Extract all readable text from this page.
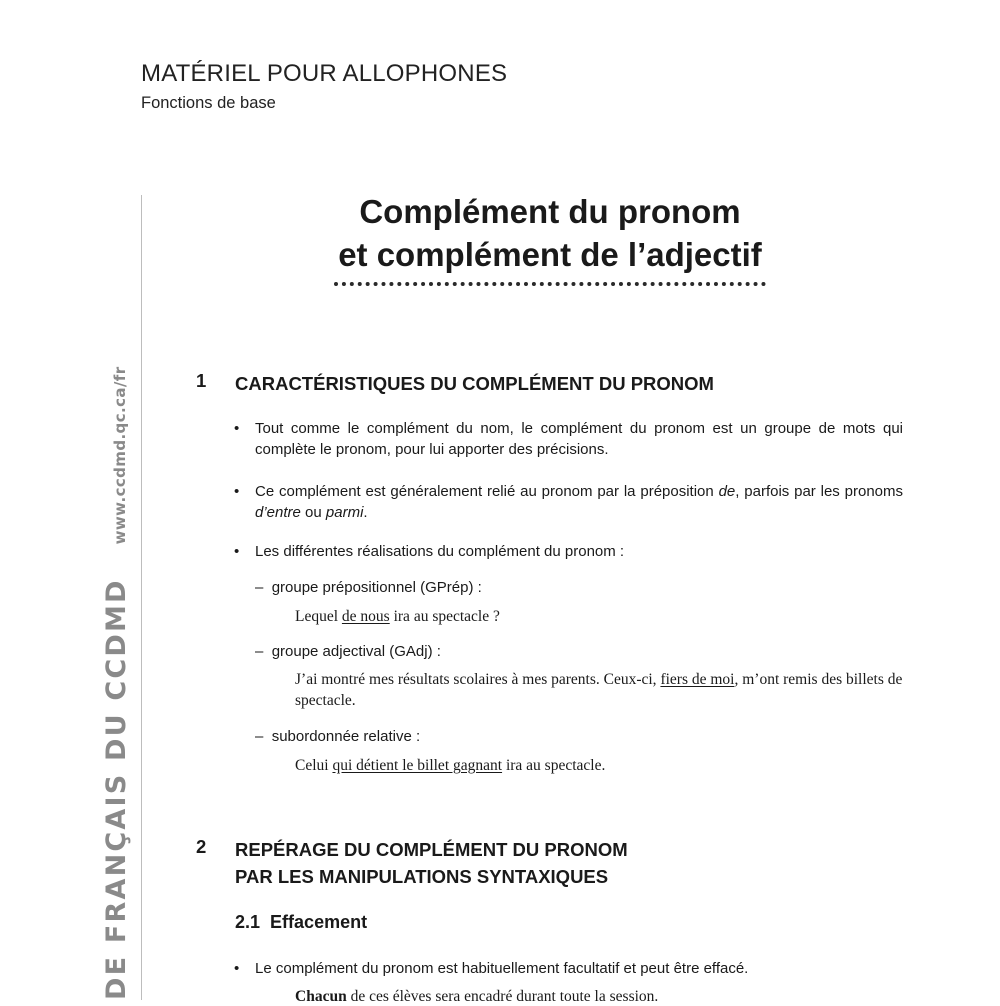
MATÉRIEL POUR ALLOPHONES
Fonctions de base
DE FRANÇAIS DU CCDMDwww.ccdmd.qc.ca/fr
Complément du pronom
et complément de l’adjectif
1 CARACTÉRISTIQUES DU COMPLÉMENT DU PRONOM
• Tout comme le complément du nom, le complément du pronom est un groupe de mots qui complète le pronom, pour lui apporter des précisions.
• Ce complément est généralement relié au pronom par la préposition de, parfois par les pronoms d’entre ou parmi.
• Les différentes réalisations du complément du pronom :
– groupe prépositionnel (GPrép) :
Lequel de nous ira au spectacle ?
– groupe adjectival (GAdj) :
J’ai montré mes résultats scolaires à mes parents. Ceux-ci, fiers de moi, m’ont remis des billets de spectacle.
– subordonnée relative :
Celui qui détient le billet gagnant ira au spectacle.
2 REPÉRAGE DU COMPLÉMENT DU PRONOM
PAR LES MANIPULATIONS SYNTAXIQUES
2.1 Effacement
• Le complément du pronom est habituellement facultatif et peut être effacé.
Chacun de ces élèves sera encadré durant toute la session.
